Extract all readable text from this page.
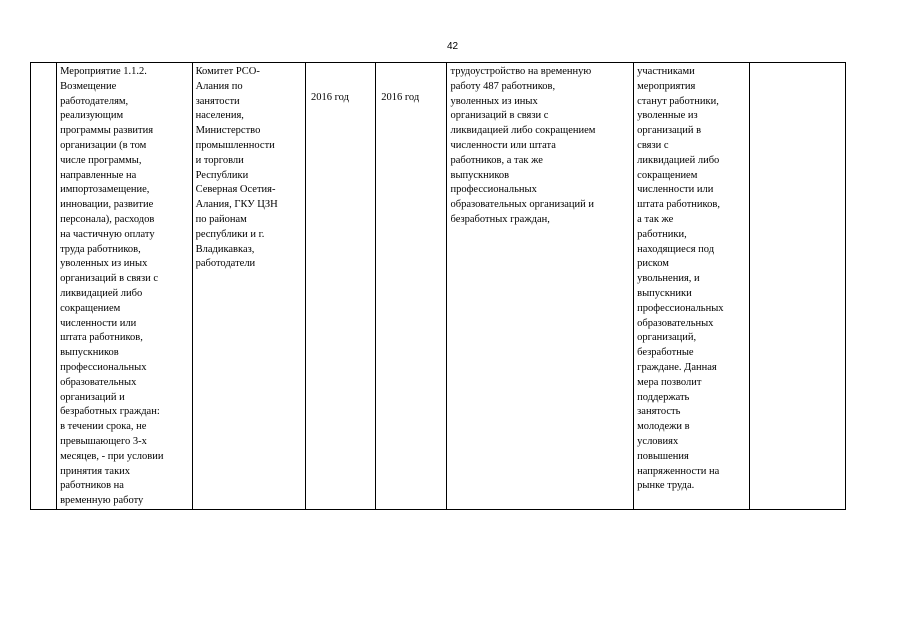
42
	Мероприятие 1.1.2.
Возмещение
работодателям,
реализующим
программы развития
организации (в том
числе программы,
направленные на
импортозамещение,
инновации, развитие
персонала), расходов
на частичную оплату
труда работников,
уволенных из иных
организаций в связи с
ликвидацией либо
сокращением
численности или
штата работников,
выпускников
профессиональных
образовательных
организаций и
безработных граждан:
в течении срока, не
превышающего 3-х
месяцев, - при условии
принятия таких
работников на
временную работу	Комитет РСО-
Алания по
занятости
населения,
Министерство
промышленности
и торговли
Республики
Северная Осетия-
Алания, ГКУ ЦЗН
по районам
республики и г.
Владикавказ,
работодатели	2016 год	2016 год	трудоустройство на временную
работу 487 работников,
уволенных из иных
организаций в связи с
ликвидацией либо сокращением
численности или штата
работников, а так же
выпускников
профессиональных
образовательных организаций и
безработных граждан,	участниками
мероприятия
станут работники,
уволенные из
организаций в
связи с
ликвидацией либо
сокращением
численности или
штата работников,
а так же
работники,
находящиеся под
риском
увольнения, и
выпускники
профессиональных
образовательных
организаций,
безработные
граждане. Данная
мера позволит
поддержать
занятость
молодежи в
условиях
повышения
напряженности на
рынке труда.	
